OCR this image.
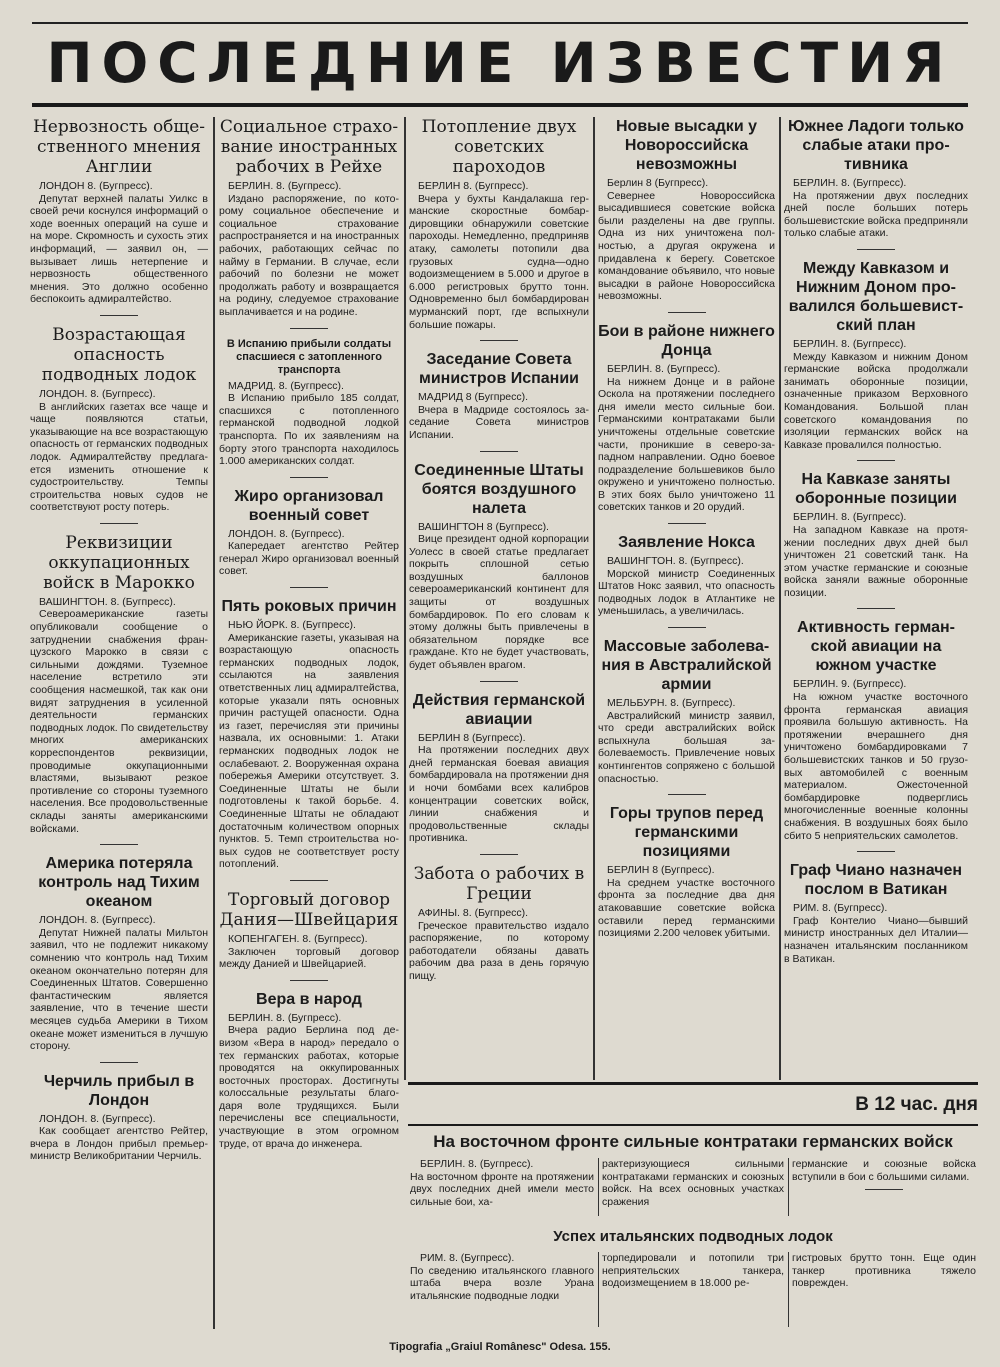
ПОСЛЕДНИЕ ИЗВЕСТИЯ
Нервозность общественного мнения Англии

ЛОНДОН 8. (Бугпресс).

Депутат верхней палаты Уилкс в своей речи коснулся информаций о ходе военных операций на суше и на море. Скромность и сухость этих информаций, — заявил он, — вызывает лишь нетерпение и нервозность общественного мнения. Это должно особенно беспокоить адмиралтейство.

Возрастающая опасность подводных лодок

ЛОНДОН. 8. (Бугпресс).

В английских газетах все чаще и чаще появляются статьи, указывающие на все возрастающую опасность от германских подводных лодок. Адмиралтейству предлагается изменить отношение к судостроительству. Темпы строительства новых судов не соответствуют росту потерь.

Реквизиции оккупационных войск в Марокко

ВАШИНГТОН. 8. (Бугпресс).

Североамериканские газеты опубликовали сообщение о затруднении снабжения французского Марокко в связи с сильными дождями. Туземное население встретило эти сообщения насмешкой, так как они видят затруднения в усиленной деятельности германских подводных лодок. По свидетельству многих американских корреспондентов реквизиции, проводимые оккупационными властями, вызывают резкое противление со стороны туземного населения. Все продовольственные склады заняты американскими войсками.

Америка потеряла контроль над Тихим океаном

ЛОНДОН. 8. (Бугпресс).

Депутат Нижней палаты Мильтон заявил, что не подлежит никакому сомнению что контроль над Тихим океаном окончательно потерян для Соединенных Штатов. Совершенно фантастическим является заявление, что в течение шести месяцев судьба Америки в Тихом океане может измениться в лучшую сторону.

Черчиль прибыл в Лондон

ЛОНДОН. 8. (Бугпресс).

Как сообщает агентство Рейтер, вчера в Лондон прибыл премьер-министр Великобритании Черчиль.

Социальное страхование иностранных рабочих в Рейхе

БЕРЛИН. 8. (Бугпресс).

Издано распоряжение, по которому социальное обеспечение и социальное страхование распространяется и на иностранных рабочих, работающих сейчас по найму в Германии. В случае, если рабочий по болезни не может продолжать работу и возвращается на родину, следуемое страхование выплачивается и на родине.

В Испанию прибыли солдаты спасшиеся с затопленного транспорта

МАДРИД. 8. (Бугпресс).

В Испанию прибыло 185 солдат, спасшихся с потопленного германской подводной лодкой транспорта. По их заявлениям на борту этого транспорта находилось 1.000 американских солдат.

Жиро организовал военный совет

ЛОНДОН. 8. (Бугпресс).

Капередает агентство Рейтер генерал Жиро организовал военный совет.

Пять роковых причин

НЬЮ ЙОРК. 8. (Бугпресс).

Американские газеты, указывая на возрастающую опасность германских подводных лодок, ссылаются на заявления ответственных лиц адмиралтейства, которые указали пять основных причин растущей опасности. Одна из газет, перечисляя эти причины назвала, их основными: 1. Атаки германских подводных лодок не ослабевают. 2. Вооруженная охрана побережья Америки отсутствует. 3. Соединенные Штаты не были подготовлены к такой борьбе. 4. Соединенные Штаты не обладают достаточным количеством опорных пунктов. 5. Темп строительства новых судов не соответствует росту потоплений.

Торговый договор Дания—Швейцария

КОПЕНГАГЕН. 8. (Бугпресс).

Заключен торговый договор между Данией и Швейцарией.

Вера в народ

БЕРЛИН. 8. (Бугпресс).

Вчера радио Берлина под девизом «Вера в народ» передало о тех германских работах, которые проводятся на оккупированных восточных просторах. Достигнуты колоссальные результаты благодаря воле трудящихся. Были перечислены все специальности, участвующие в этом огромном труде, от врача до инженера.

Потопление двух советских пароходов

БЕРЛИН 8. (Бугпресс).

Вчера у бухты Кандалакша германские скоростные бомбардировщики обнаружили советские пароходы. Немедленно, предприняв атаку, самолеты потопили два грузовых судна—одно водоизмещением в 5.000 и другое в 6.000 регистровых брутто тонн. Одновременно был бомбардирован мурманский порт, где вспыхнули большие пожары.

Заседание Совета министров Испании

МАДРИД 8 (Бугпресс).

Вчера в Мадриде состоялось заседание Совета министров Испании.

Соединенные Штаты боятся воздушного налета

ВАШИНГТОН 8 (Бугпресс).

Вице президент одной корпорации Уолесс в своей статье предлагает покрыть сплошной сетью воздушных баллонов североамериканский континент для защиты от воздушных бомбардировок. По его словам к этому должны быть привлечены в обязательном порядке все граждане. Кто не будет участвовать, будет объявлен врагом.

Действия германской авиации

БЕРЛИН 8 (Бугпресс).

На протяжении последних двух дней германская боевая авиация бомбардировала на протяжении дня и ночи бомбами всех калибров концентрации советских войск, линии снабжения и продовольственные склады противника.

Забота о рабочих в Греции

АФИНЫ. 8. (Бугпресс).

Греческое правительство издало распоряжение, по которому работодатели обязаны давать рабочим два раза в день горячую пищу.

Новые высадки у Новороссийска невозможны

Берлин 8 (Бугпресс).

Севернее Новороссийска высадившиеся советские войска были разделены на две группы. Одна из них уничтожена полностью, а другая окружена и придавлена к берегу. Советское командование объявило, что новые высадки в районе Новороссийска невозможны.

Бои в районе нижнего Донца

БЕРЛИН. 8. (Бугпресс).

На нижнем Донце и в районе Оскола на протяжении последнего дня имели место сильные бои. Германскими контратаками были уничтожены отдельные советские части, проникшие в северо-западном направлении. Одно боевое подразделение большевиков было окружено и уничтожено полностью. В этих боях было уничтожено 11 советских танков и 20 орудий.

Заявление Нокса

ВАШИНГТОН. 8. (Бугпресс).

Морской министр Соединенных Штатов Нокс заявил, что опасность подводных лодок в Атлантике не уменьшилась, а увеличилась.

Массовые заболевания в Австралийской армии

МЕЛЬБУРН. 8. (Бугпресс).

Австралийский министр заявил, что среди австралийских войск вспыхнула большая заболеваемость. Привлечение новых контингентов сопряжено с большой опасностью.

Горы трупов перед германскими позициями

БЕРЛИН 8 (Бугпресс).

На среднем участке восточного фронта за последние два дня атаковавшие советские войска оставили перед германскими позициями 2.200 человек убитыми.

Южнее Ладоги только слабые атаки противника

БЕРЛИН. 8. (Бугпресс).

На протяжении двух последних дней после больших потерь большевистские войска предприняли только слабые атаки.

Между Кавказом и Нижним Доном провалился большевистский план

БЕРЛИН. 8. (Бугпресс).

Между Кавказом и нижним Доном германские войска продолжали занимать оборонные позиции, означенные приказом Верховного Командования. Большой план советского командования по изоляции германских войск на Кавказе провалился полностью.

На Кавказе заняты оборонные позиции

БЕРЛИН. 8. (Бугпресс).

На западном Кавказе на протяжении последних двух дней был уничтожен 21 советский танк. На этом участке германские и союзные войска заняли важные оборонные позиции.

Активность германской авиации на южном участке

БЕРЛИН. 9. (Бугпресс).

На южном участке восточного фронта германская авиация проявила большую активность. На протяжении вчерашнего дня уничтожено бомбардировками 7 большевистских танков и 50 грузовых автомобилей с военным материалом. Ожесточенной бомбардировке подверглись многочисленные военные колонны снабжения. В воздушных боях было сбито 5 неприятельских самолетов.

Граф Чиано назначен послом в Ватикан

РИМ. 8. (Бугпресс).

Граф Контелио Чиано—бывший министр иностранных дел Италии—назначен итальянским посланником в Ватикан.

В 12 час. дня
На восточном фронте сильные контратаки германских войск

БЕРЛИН. 8. (Бугпресс).

На восточном фронте на протяжении двух последних дней имели место сильные бои, ха-

рактеризующиеся сильными контратаками германских и союзных войск. На всех основных участках сражения

германские и союзные войска вступили в бои с большими силами.

Успех итальянских подводных лодок

РИМ. 8. (Бугпресс).

По сведению итальянского главного штаба вчера возле Урана итальянские подводные лодки

торпедировали и потопили три неприятельских танкера, водоизмещением в 18.000 ре-

гистровых брутто тонн. Еще один танкер противника тяжело поврежден.

Tipografia „Graiul Românesc" Odesa. 155.
